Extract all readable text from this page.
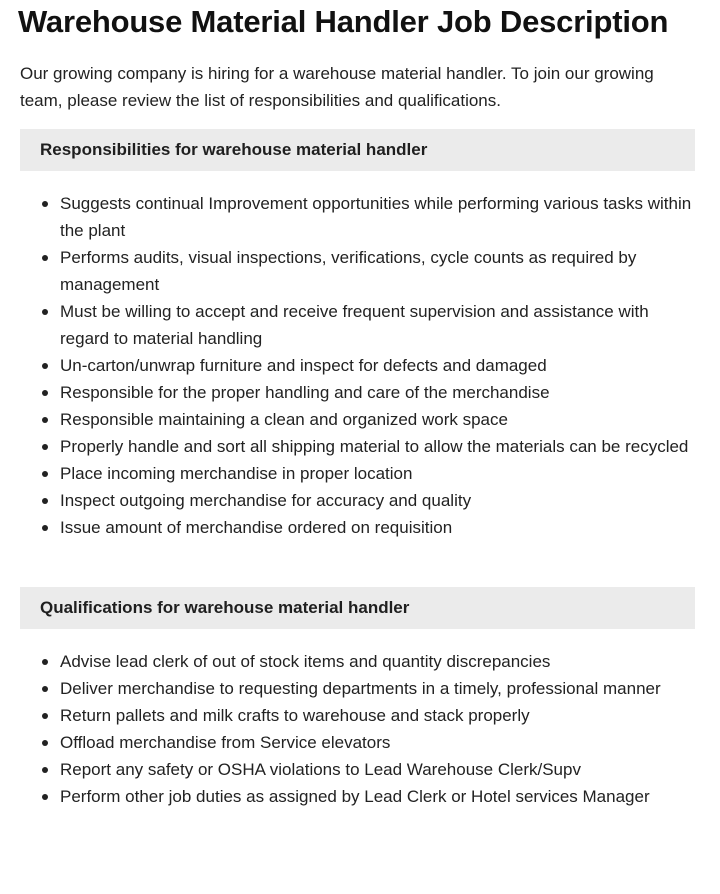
Warehouse Material Handler Job Description

Our growing company is hiring for a warehouse material handler. To join our growing team, please review the list of responsibilities and qualifications.

Responsibilities for warehouse material handler
Suggests continual Improvement opportunities while performing various tasks within the plant
Performs audits, visual inspections, verifications, cycle counts as required by management
Must be willing to accept and receive frequent supervision and assistance with regard to material handling
Un-carton/unwrap furniture and inspect for defects and damaged
Responsible for the proper handling and care of the merchandise
Responsible maintaining a clean and organized work space
Properly handle and sort all shipping material to allow the materials can be recycled
Place incoming merchandise in proper location
Inspect outgoing merchandise for accuracy and quality
Issue amount of merchandise ordered on requisition
Qualifications for warehouse material handler
Advise lead clerk of out of stock items and quantity discrepancies
Deliver merchandise to requesting departments in a timely, professional manner
Return pallets and milk crafts to warehouse and stack properly
Offload merchandise from Service elevators
Report any safety or OSHA violations to Lead Warehouse Clerk/Supv
Perform other job duties as assigned by Lead Clerk or Hotel services Manager
